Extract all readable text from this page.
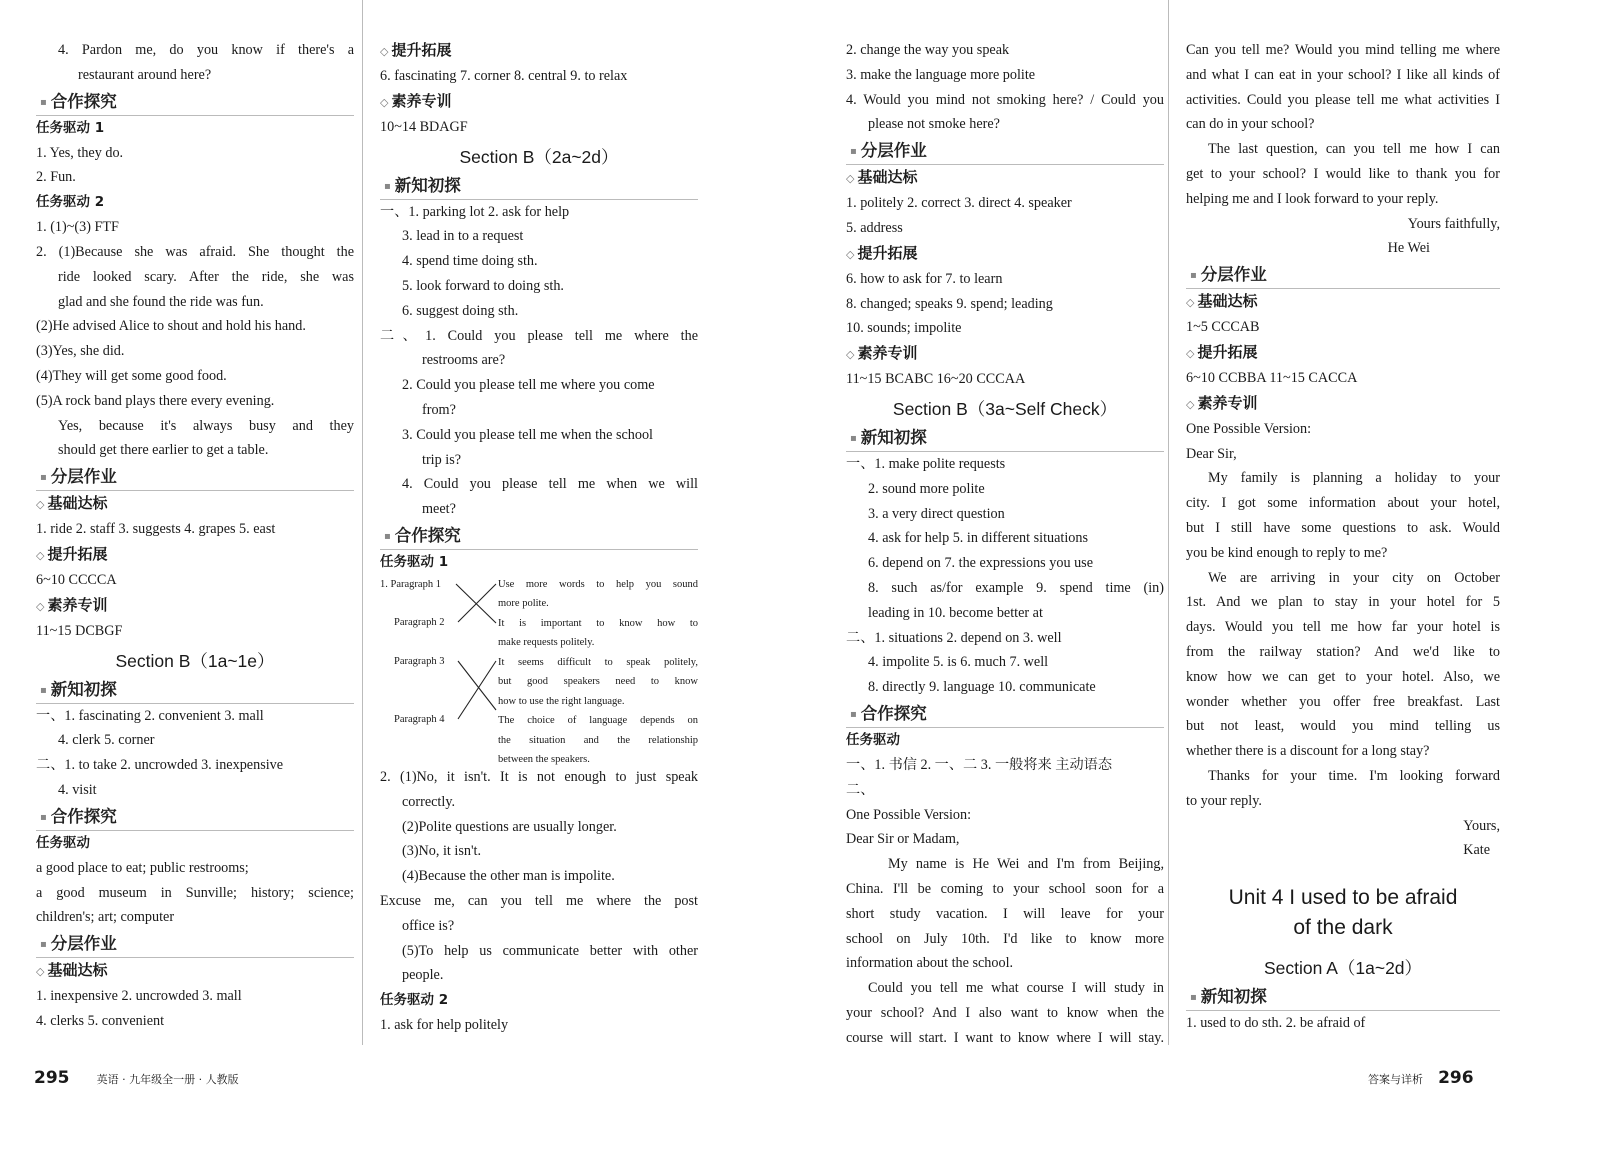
4. Pardon me, do you know if there's a
restaurant around here?
▪ 合作探究
任务驱动 1
1. Yes, they do.
2. Fun.
任务驱动 2
1. (1)~(3) FTF
2. (1)Because she was afraid. She thought the
ride looked scary. After the ride, she was
glad and she found the ride was fun.
(2)He advised Alice to shout and hold his hand.
(3)Yes, she did.
(4)They will get some good food.
(5)A rock band plays there every evening.
Yes, because it's always busy and they
should get there earlier to get a table.
▪ 分层作业
◇ 基础达标
1. ride 2. staff 3. suggests 4. grapes 5. east
◇ 提升拓展
6~10 CCCCA
◇ 素养专训
11~15 DCBGF
Section B（1a~1e）
▪ 新知初探
一、1. fascinating 2. convenient 3. mall
4. clerk 5. corner
二、1. to take 2. uncrowded 3. inexpensive
4. visit
▪ 合作探究
任务驱动
a good place to eat; public restrooms;
a good museum in Sunville; history; science;
children's; art; computer
▪ 分层作业
◇ 基础达标
1. inexpensive 2. uncrowded 3. mall
4. clerks 5. convenient
◇ 提升拓展
6. fascinating 7. corner 8. central 9. to relax
◇ 素养专训
10~14 BDAGF
Section B（2a~2d）
▪ 新知初探
一、1. parking lot 2. ask for help
3. lead in to a request
4. spend time doing sth.
5. look forward to doing sth.
6. suggest doing sth.
二、1. Could you please tell me where the
restrooms are?
2. Could you please tell me where you come
from?
3. Could you please tell me when the school
trip is?
4. Could you please tell me when we will
meet?
▪ 合作探究
任务驱动 1
1. Paragraph 1
Paragraph 2
Paragraph 3
Paragraph 4
Use more words to help you sound
more polite.
It is important to know how to
make requests politely.
It seems difficult to speak politely,
but good speakers need to know
how to use the right language.
The choice of language depends on
the situation and the relationship
between the speakers.
2. (1)No, it isn't. It is not enough to just speak
correctly.
(2)Polite questions are usually longer.
(3)No, it isn't.
(4)Because the other man is impolite.
Excuse me, can you tell me where the post
office is?
(5)To help us communicate better with other
people.
任务驱动 2
1. ask for help politely
2. change the way you speak
3. make the language more polite
4. Would you mind not smoking here? / Could you
please not smoke here?
▪ 分层作业
◇ 基础达标
1. politely 2. correct 3. direct 4. speaker
5. address
◇ 提升拓展
6. how to ask for 7. to learn
8. changed; speaks 9. spend; leading
10. sounds; impolite
◇ 素养专训
11~15 BCABC 16~20 CCCAA
Section B（3a~Self Check）
▪ 新知初探
一、1. make polite requests
2. sound more polite
3. a very direct question
4. ask for help 5. in different situations
6. depend on 7. the expressions you use
8. such as/for example 9. spend time (in)
leading in 10. become better at
二、1. situations 2. depend on 3. well
4. impolite 5. is 6. much 7. well
8. directly 9. language 10. communicate
▪ 合作探究
任务驱动
一、1. 书信 2. 一、二 3. 一般将来 主动语态
二、
One Possible Version:
Dear Sir or Madam,
My name is He Wei and I'm from Beijing,
China. I'll be coming to your school soon for a
short study vacation. I will leave for your
school on July 10th. I'd like to know more
information about the school.
Could you tell me what course I will study in
your school? And I also want to know when the
course will start. I want to know where I will stay.
Can you tell me? Would you mind telling me where
and what I can eat in your school? I like all kinds of
activities. Could you please tell me what activities I
can do in your school?
The last question, can you tell me how I can
get to your school? I would like to thank you for
helping me and I look forward to your reply.
Yours faithfully,
He Wei
▪ 分层作业
◇ 基础达标
1~5 CCCAB
◇ 提升拓展
6~10 CCBBA 11~15 CACCA
◇ 素养专训
One Possible Version:
Dear Sir,
My family is planning a holiday to your
city. I got some information about your hotel,
but I still have some questions to ask. Would
you be kind enough to reply to me?
We are arriving in your city on October
1st. And we plan to stay in your hotel for 5
days. Would you tell me how far your hotel is
from the railway station? And we'd like to
know how we can get to your hotel. Also, we
wonder whether you offer free breakfast. Last
but not least, would you mind telling us
whether there is a discount for a long stay?
Thanks for your time. I'm looking forward
to your reply.
Yours,
Kate
Unit 4 I used to be afraid
of the dark
Section A（1a~2d）
▪ 新知初探
1. used to do sth. 2. be afraid of
295 英语 · 九年级全一册 · 人教版	答案与详析 296
